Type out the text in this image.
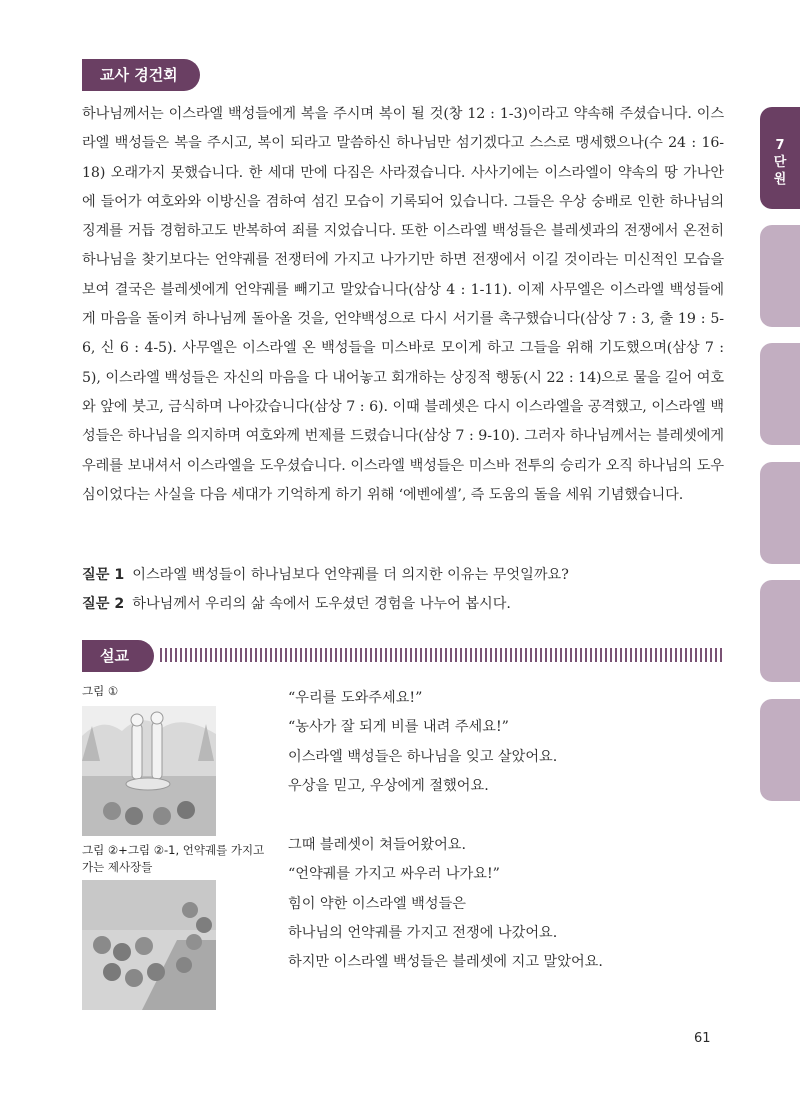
교사 경건회

하나님께서는 이스라엘 백성들에게 복을 주시며 복이 될 것(창 12 : 1-3)이라고 약속해 주셨습니다. 이스라엘 백성들은 복을 주시고, 복이 되라고 말씀하신 하나님만 섬기겠다고 스스로 맹세했으나(수 24 : 16-18) 오래가지 못했습니다. 한 세대 만에 다짐은 사라졌습니다. 사사기에는 이스라엘이 약속의 땅 가나안에 들어가 여호와와 이방신을 겸하여 섬긴 모습이 기록되어 있습니다. 그들은 우상 숭배로 인한 하나님의 징계를 거듭 경험하고도 반복하여 죄를 지었습니다. 또한 이스라엘 백성들은 블레셋과의 전쟁에서 온전히 하나님을 찾기보다는 언약궤를 전쟁터에 가지고 나가기만 하면 전쟁에서 이길 것이라는 미신적인 모습을 보여 결국은 블레셋에게 언약궤를 빼기고 말았습니다(삼상 4 : 1-11). 이제 사무엘은 이스라엘 백성들에게 마음을 돌이켜 하나님께 돌아올 것을, 언약백성으로 다시 서기를 촉구했습니다(삼상 7 : 3, 출 19 : 5-6, 신 6 : 4-5). 사무엘은 이스라엘 온 백성들을 미스바로 모이게 하고 그들을 위해 기도했으며(삼상 7 : 5), 이스라엘 백성들은 자신의 마음을 다 내어놓고 회개하는 상징적 행동(시 22 : 14)으로 물을 길어 여호와 앞에 붓고, 금식하며 나아갔습니다(삼상 7 : 6). 이때 블레셋은 다시 이스라엘을 공격했고, 이스라엘 백성들은 하나님을 의지하며 여호와께 번제를 드렸습니다(삼상 7 : 9-10). 그러자 하나님께서는 블레셋에게 우레를 보내셔서 이스라엘을 도우셨습니다. 이스라엘 백성들은 미스바 전투의 승리가 오직 하나님의 도우심이었다는 사실을 다음 세대가 기억하게 하기 위해 ‘에벤에셀’, 즉 도움의 돌을 세워 기념했습니다.

질문 1 이스라엘 백성들이 하나님보다 언약궤를 더 의지한 이유는 무엇일까요?
질문 2 하나님께서 우리의 삶 속에서 도우셨던 경험을 나누어 봅시다.
설교
그림 ①
그림 ②+그림 ②-1, 언약궤를 가지고 가는 제사장들
“우리를 도와주세요!”
“농사가 잘 되게 비를 내려 주세요!”
이스라엘 백성들은 하나님을 잊고 살았어요.
우상을 믿고, 우상에게 절했어요.
그때 블레셋이 쳐들어왔어요.
“언약궤를 가지고 싸우러 나가요!”
힘이 약한 이스라엘 백성들은
하나님의 언약궤를 가지고 전쟁에 나갔어요.
하지만 이스라엘 백성들은 블레셋에 지고 말았어요.
7
단
원
61
